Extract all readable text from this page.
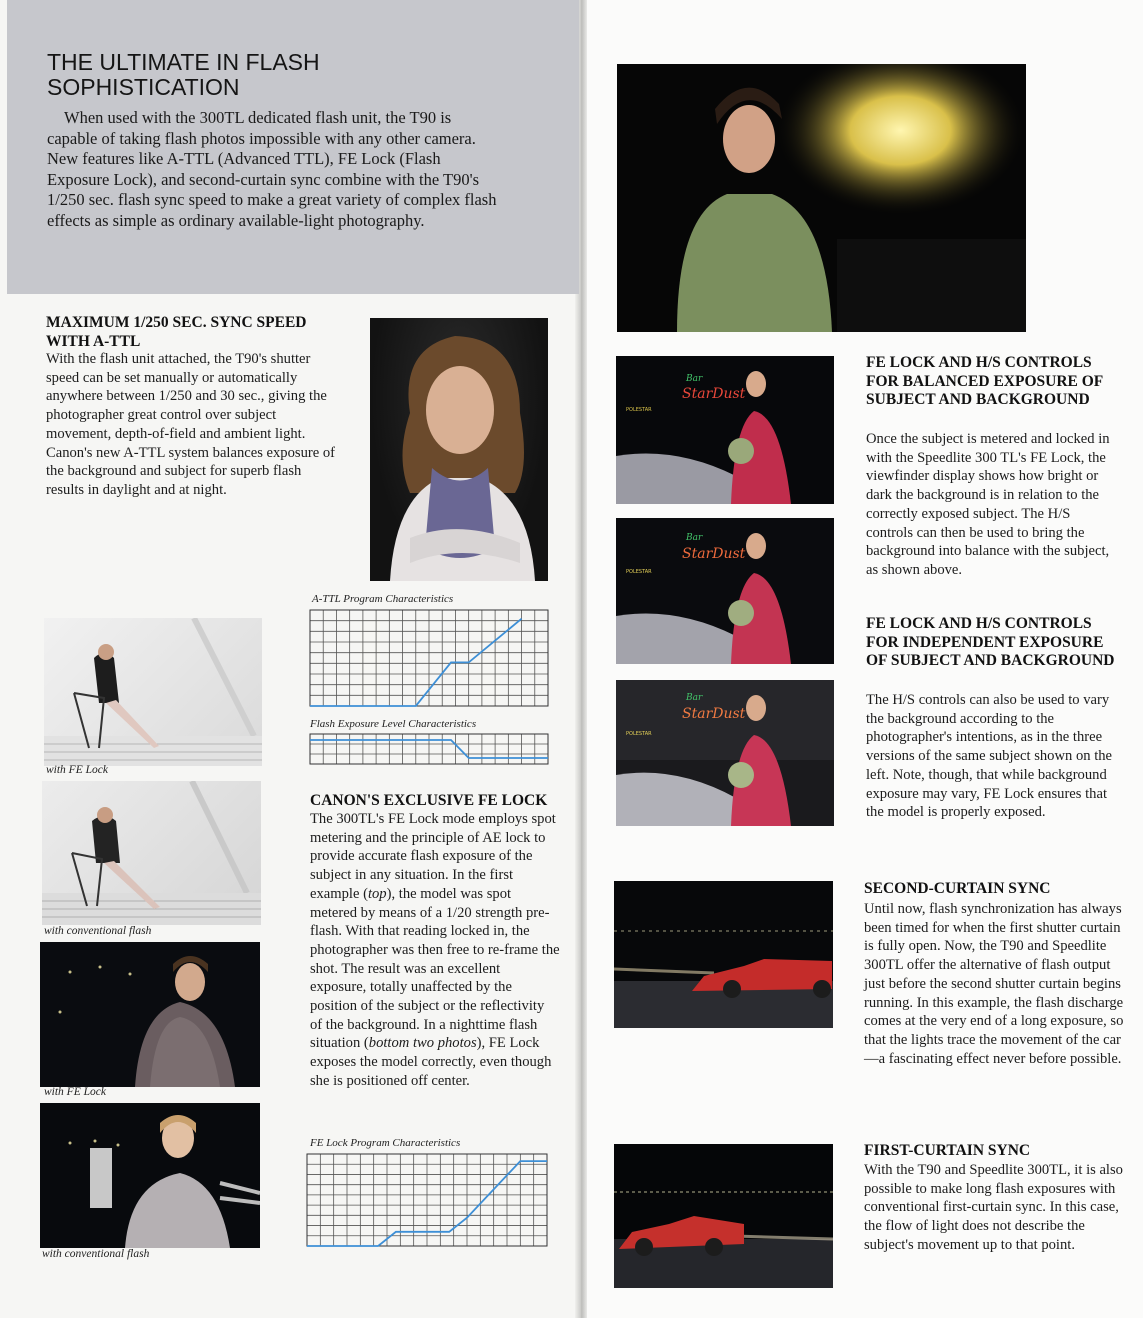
THE ULTIMATE IN FLASH SOPHISTICATION

When used with the 300TL dedicated flash unit, the T90 is capable of taking flash photos impossible with any other camera. New features like A-TTL (Advanced TTL), FE Lock (Flash Exposure Lock), and second-curtain sync combine with the T90's 1/250 sec. flash sync speed to make a great variety of complex flash effects as simple as ordinary available-light photography.

MAXIMUM 1/250 SEC. SYNC SPEED WITH A-TTL

With the flash unit attached, the T90's shutter speed can be set manually or automatically anywhere between 1/250 and 30 sec., giving the photographer great control over subject movement, depth-of-field and ambient light. Canon's new A-TTL system balances exposure of the background and subject for superb flash results in daylight and at night.

with FE Lock

with conventional flash

with FE Lock

with conventional flash

A-TTL Program Characteristics

Flash Exposure Level Characteristics

CANON'S EXCLUSIVE FE LOCK

The 300TL's FE Lock mode employs spot metering and the principle of AE lock to provide accurate flash exposure of the subject in any situation. In the first example (top), the model was spot metered by means of a 1/20 strength pre-flash. With that reading locked in, the photographer was then free to re-frame the shot. The result was an excellent exposure, totally unaffected by the position of the subject or the reflectivity of the background. In a nighttime flash situation (bottom two photos), FE Lock exposes the model correctly, even though she is positioned off center.

FE Lock Program Characteristics

Bar
StarDust
POLESTAR
Bar
StarDust
POLESTAR
Bar
StarDust
POLESTAR
FE LOCK AND H/S CONTROLS FOR BALANCED EXPOSURE OF SUBJECT AND BACKGROUND

Once the subject is metered and locked in with the Speedlite 300 TL's FE Lock, the viewfinder display shows how bright or dark the background is in relation to the correctly exposed subject. The H/S controls can then be used to bring the background into balance with the subject, as shown above.

FE LOCK AND H/S CONTROLS FOR INDEPENDENT EXPOSURE OF SUBJECT AND BACKGROUND

The H/S controls can also be used to vary the background according to the photographer's intentions, as in the three versions of the same subject shown on the left. Note, though, that while background exposure may vary, FE Lock ensures that the model is properly exposed.

SECOND-CURTAIN SYNC

Until now, flash synchronization has always been timed for when the first shutter curtain is fully open. Now, the T90 and Speedlite 300TL offer the alternative of flash output just before the second shutter curtain begins running. In this example, the flash discharge comes at the very end of a long exposure, so that the lights trace the movement of the car—a fascinating effect never before possible.

FIRST-CURTAIN SYNC

With the T90 and Speedlite 300TL, it is also possible to make long flash exposures with conventional first-curtain sync. In this case, the flow of light does not describe the subject's movement up to that point.
